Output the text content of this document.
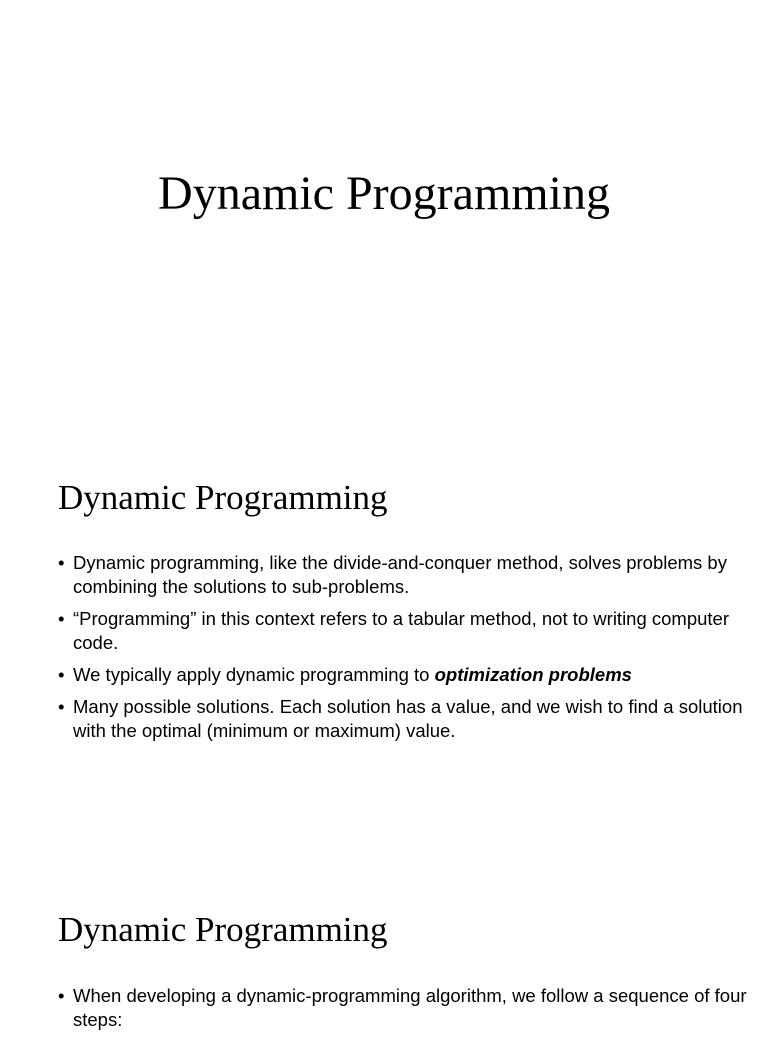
Dynamic Programming
Dynamic Programming
• Dynamic programming, like the divide-and-conquer method, solves problems by combining the solutions to sub-problems.
• “Programming” in this context refers to a tabular method, not to writing computer code.
• We typically apply dynamic programming to optimization problems
• Many possible solutions. Each solution has a value, and we wish to find a solution with the optimal (minimum or maximum) value.
Dynamic Programming
• When developing a dynamic-programming algorithm, we follow a sequence of four steps:
